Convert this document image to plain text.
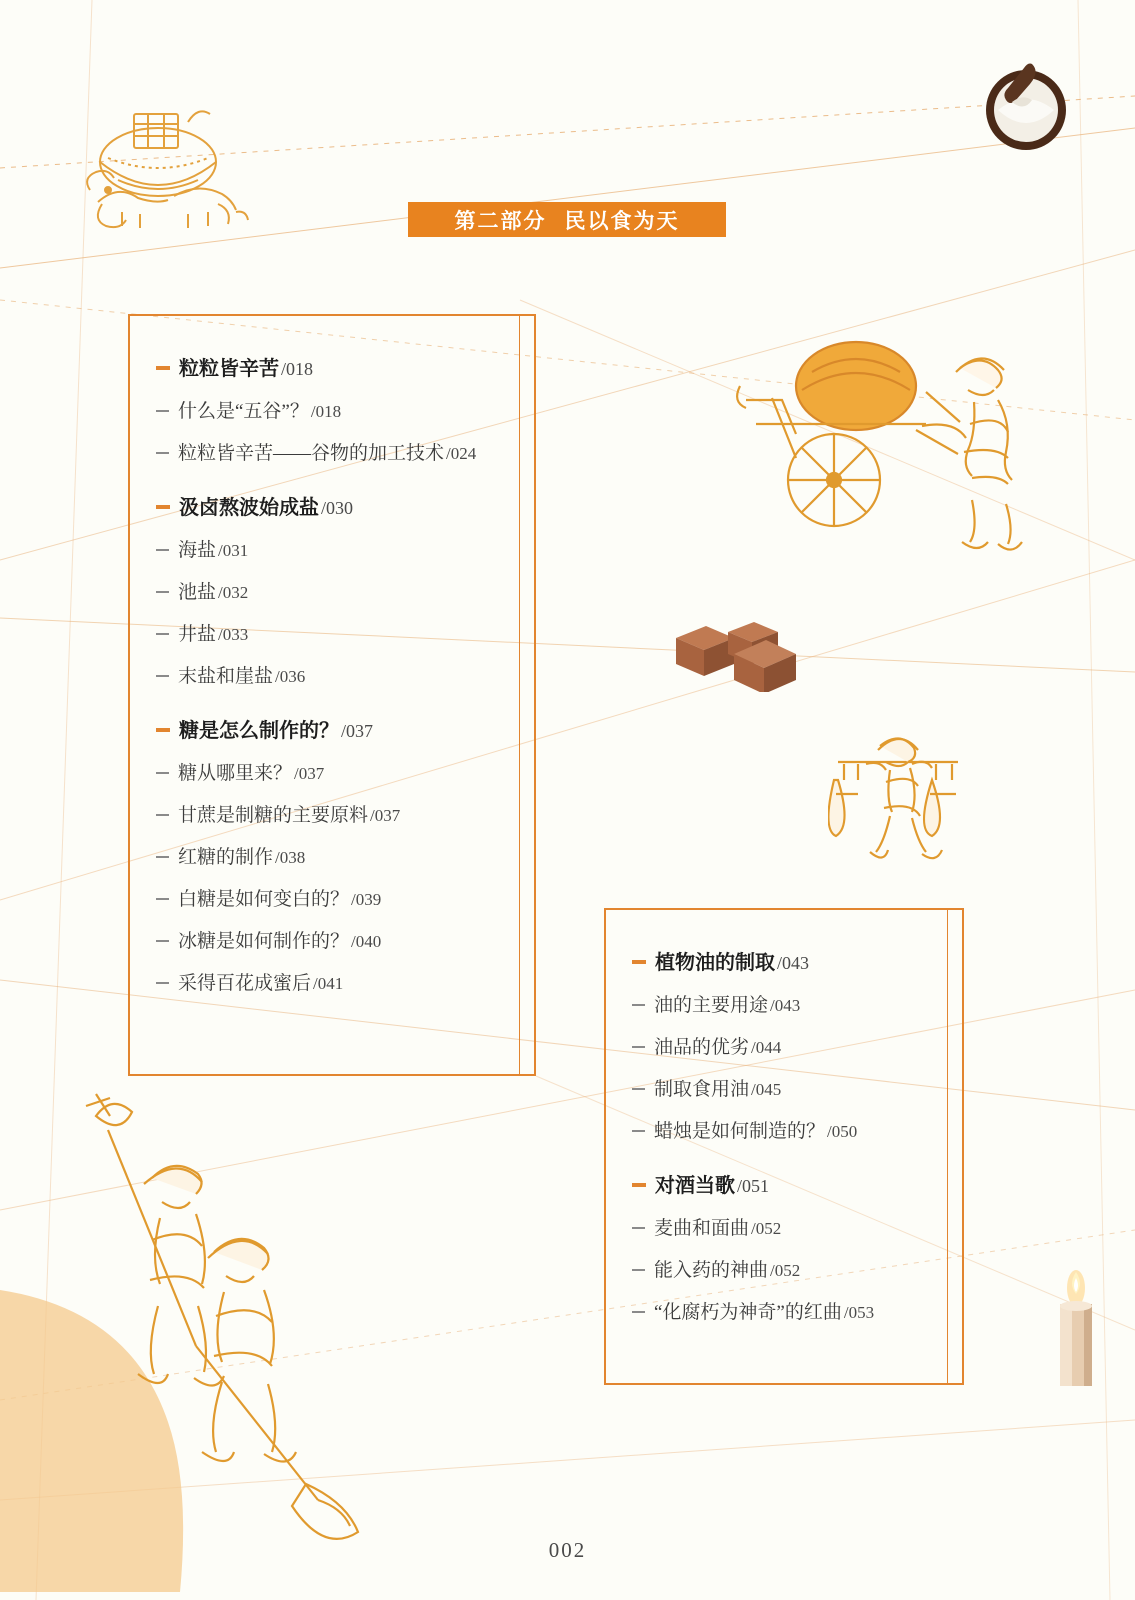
第二部分 民以食为天
粒粒皆辛苦 /018
什么是“五谷”？ /018
粒粒皆辛苦——谷物的加工技术 /024
汲卤熬波始成盐 /030
海盐 /031
池盐 /032
井盐 /033
末盐和崖盐 /036
糖是怎么制作的？ /037
糖从哪里来？ /037
甘蔗是制糖的主要原料 /037
红糖的制作 /038
白糖是如何变白的？ /039
冰糖是如何制作的？ /040
采得百花成蜜后 /041
植物油的制取 /043
油的主要用途 /043
油品的优劣 /044
制取食用油 /045
蜡烛是如何制造的？ /050
对酒当歌 /051
麦曲和面曲 /052
能入药的神曲 /052
“化腐朽为神奇”的红曲 /053
002
